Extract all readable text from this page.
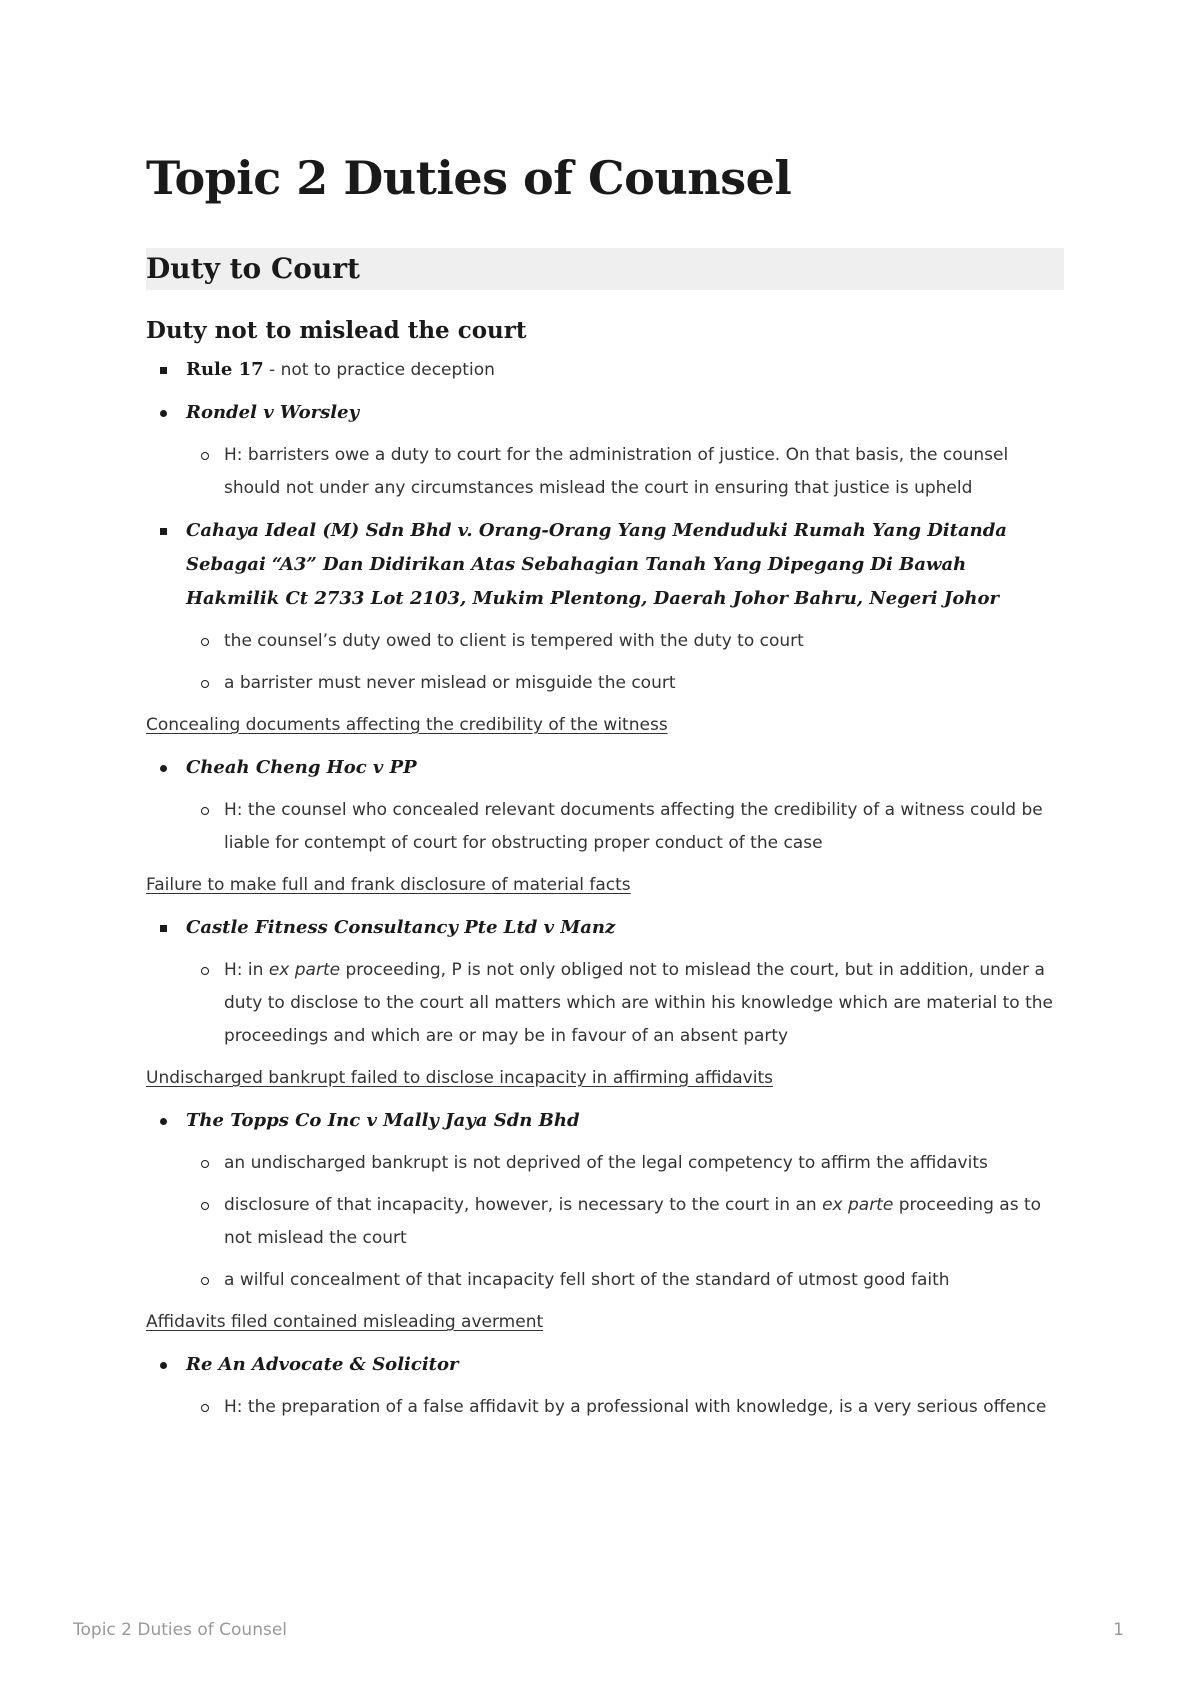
Topic 2 Duties of Counsel
Duty to Court
Duty not to mislead the court
Rule 17 - not to practice deception
Rondel v Worsley
H: barristers owe a duty to court for the administration of justice. On that basis, the counsel should not under any circumstances mislead the court in ensuring that justice is upheld
Cahaya Ideal (M) Sdn Bhd v. Orang-Orang Yang Menduduki Rumah Yang Ditanda Sebagai “A3” Dan Didirikan Atas Sebahagian Tanah Yang Dipegang Di Bawah Hakmilik Ct 2733 Lot 2103, Mukim Plentong, Daerah Johor Bahru, Negeri Johor
the counsel’s duty owed to client is tempered with the duty to court
a barrister must never mislead or misguide the court
Concealing documents affecting the credibility of the witness
Cheah Cheng Hoc v PP
H: the counsel who concealed relevant documents affecting the credibility of a witness could be liable for contempt of court for obstructing proper conduct of the case
Failure to make full and frank disclosure of material facts
Castle Fitness Consultancy Pte Ltd v Manz
H: in ex parte proceeding, P is not only obliged not to mislead the court, but in addition, under a duty to disclose to the court all matters which are within his knowledge which are material to the proceedings and which are or may be in favour of an absent party
Undischarged bankrupt failed to disclose incapacity in affirming affidavits
The Topps Co Inc v Mally Jaya Sdn Bhd
an undischarged bankrupt is not deprived of the legal competency to affirm the affidavits
disclosure of that incapacity, however, is necessary to the court in an ex parte proceeding as to not mislead the court
a wilful concealment of that incapacity fell short of the standard of utmost good faith
Affidavits filed contained misleading averment
Re An Advocate & Solicitor
H: the preparation of a false affidavit by a professional with knowledge, is a very serious offence
Topic 2 Duties of Counsel	1
